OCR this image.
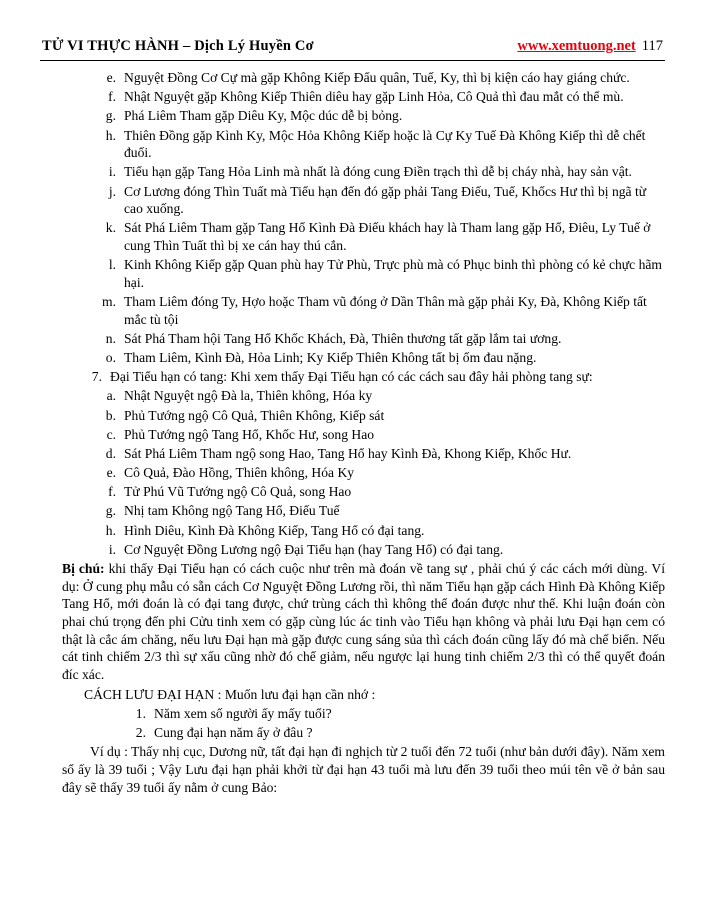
TỬ VI THỰC HÀNH – Dịch Lý Huyền Cơ	www.xemtuong.net 117
e. Nguyệt Đồng Cơ Cự mà gặp Không Kiếp Đẩu quân, Tuế, Ky, thì bị kiện cáo hay giáng chức.
f. Nhật Nguyệt gặp Không Kiếp Thiên diêu hay gặp Linh Hỏa, Cô Quả thì đau mắt có thể mù.
g. Phá Liêm Tham gặp Diêu Ky, Mộc dúc dễ bị bỏng.
h. Thiên Đồng gặp Kình Ky, Mộc Hỏa Không Kiếp hoặc là Cự Ky Tuế Đà Không Kiếp thì dễ chết đuối.
i. Tiểu hạn gặp Tang Hỏa Linh mà nhất là đóng cung Điền trạch thì dễ bị cháy nhà, hay sản vật.
j. Cơ Lương đóng Thìn Tuất mà Tiểu hạn đến đó gặp phải Tang Điếu, Tuế, Khốcs Hư thì bị ngã từ cao xuống.
k. Sát Phá Liêm Tham gặp Tang Hổ Kình Đà Điếu khách hay là Tham lang gặp Hổ, Điêu, Ly Tuế ở cung Thìn Tuất thì bị xe cán hay thú cắn.
l. Kinh Không Kiếp gặp Quan phù hay Tử Phù, Trực phù mà có Phục binh thì phòng có kẻ chực hãm hại.
m. Tham Liêm đóng Ty, Hợo hoặc Tham vũ đóng ở Dần Thân mà gặp phải Ky, Đà, Không Kiếp tất mắc tù tội
n. Sát Phá Tham hội Tang Hổ Khốc Khách, Đà, Thiên thương tất gặp lắm tai ương.
o. Tham Liêm, Kình Đà, Hỏa Linh; Ky Kiếp Thiên Không tất bị ốm đau nặng.
7. Đại Tiểu hạn có tang: Khi xem thấy Đại Tiểu hạn có các cách sau đây hải phòng tang sự:
a. Nhật Nguyệt ngộ Đà la, Thiên không, Hóa ky
b. Phủ Tướng ngộ Cô Quả, Thiên Không, Kiếp sát
c. Phủ Tướng ngộ Tang Hổ, Khốc Hư, song Hao
d. Sát Phá Liêm Tham ngộ song Hao, Tang Hổ hay Kình Đà, Khong Kiếp, Khốc Hư.
e. Cô Quả, Đào Hồng, Thiên không, Hóa Ky
f. Tử Phú Vũ Tướng ngộ Cô Quả, song Hao
g. Nhị tam Không ngộ Tang Hổ, Điếu Tuế
h. Hình Diêu, Kình Đà Không Kiếp, Tang Hổ có đại tang.
i. Cơ Nguyệt Đồng Lương ngộ Đại Tiểu hạn (hay Tang Hổ) có đại tang.
Bị chú: khi thấy Đại Tiểu hạn có cách cuộc như trên mà đoán về tang sự , phải chú ý các cách mới dùng. Ví dụ: Ở cung phụ mẫu có sẵn cách Cơ Nguyệt Đồng Lương rồi, thì năm Tiểu hạn gặp cách Hình Đà Không Kiếp Tang Hổ, mới đoán là có đại tang được, chứ trùng cách thì không thể đoán được như thế. Khi luận đoán còn phai chú trọng đến phi Cửu tinh xem có gặp cùng lúc ác tinh vào Tiểu hạn không và phải lưu Đại hạn cem có thật là cắc ám chăng, nếu lưu Đại hạn mà gặp được cung sáng sủa thì cách đoán cũng lấy đó mà chế biến. Nếu cát tinh chiếm 2/3 thì sự xấu cũng nhờ đó chế giảm, nếu ngược lại hung tinh chiếm 2/3 thì có thể quyết đoán đíc xác.
CÁCH LƯU ĐẠI HẠN : Muốn lưu đại hạn cần nhớ :
1. Năm xem số người ấy mấy tuổi?
2. Cung đại hạn năm ấy ở đâu ?
Ví dụ : Thấy nhị cục, Dương nữ, tất đại hạn đi nghịch từ 2 tuổi đến 72 tuổi (như bản dưới đây). Năm xem số ấy là 39 tuổi ; Vậy Lưu đại hạn phải khởi từ đại hạn 43 tuổi mà lưu đến 39 tuổi theo múi tên về ở bản sau đây sẽ thấy 39 tuổi ấy nằm ở cung Bảo:
